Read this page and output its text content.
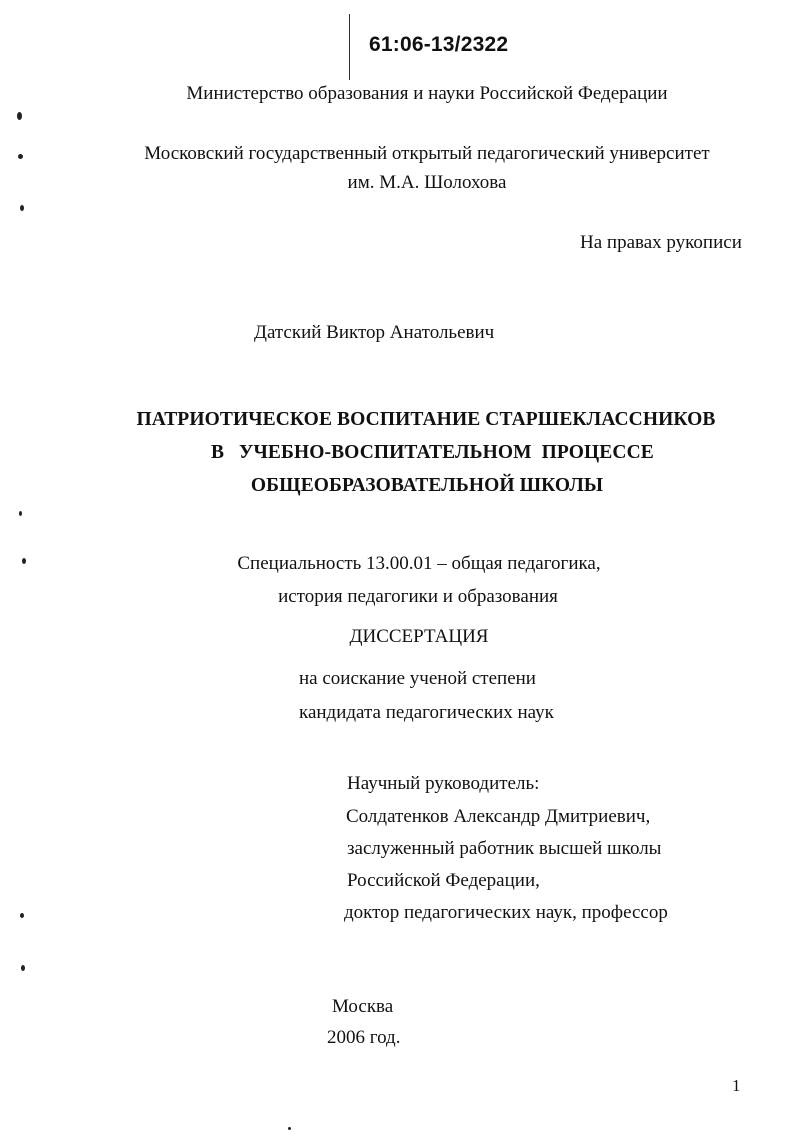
61:06-13/2322
Министерство образования и науки Российской Федерации
Московский государственный открытый педагогический университет
им. М.А. Шолохова
На правах рукописи
Датский Виктор Анатольевич
ПАТРИОТИЧЕСКОЕ ВОСПИТАНИЕ СТАРШЕКЛАССНИКОВ
В   УЧЕБНО-ВОСПИТАТЕЛЬНОМ  ПРОЦЕССЕ
ОБЩЕОБРАЗОВАТЕЛЬНОЙ ШКОЛЫ
Специальность 13.00.01 – общая педагогика,
история педагогики и образования
ДИССЕРТАЦИЯ
на соискание ученой степени
кандидата педагогических наук
Научный руководитель:
Солдатенков Александр Дмитриевич,
заслуженный работник высшей школы
Российской Федерации,
доктор педагогических наук, профессор
Москва
2006 год.
1
